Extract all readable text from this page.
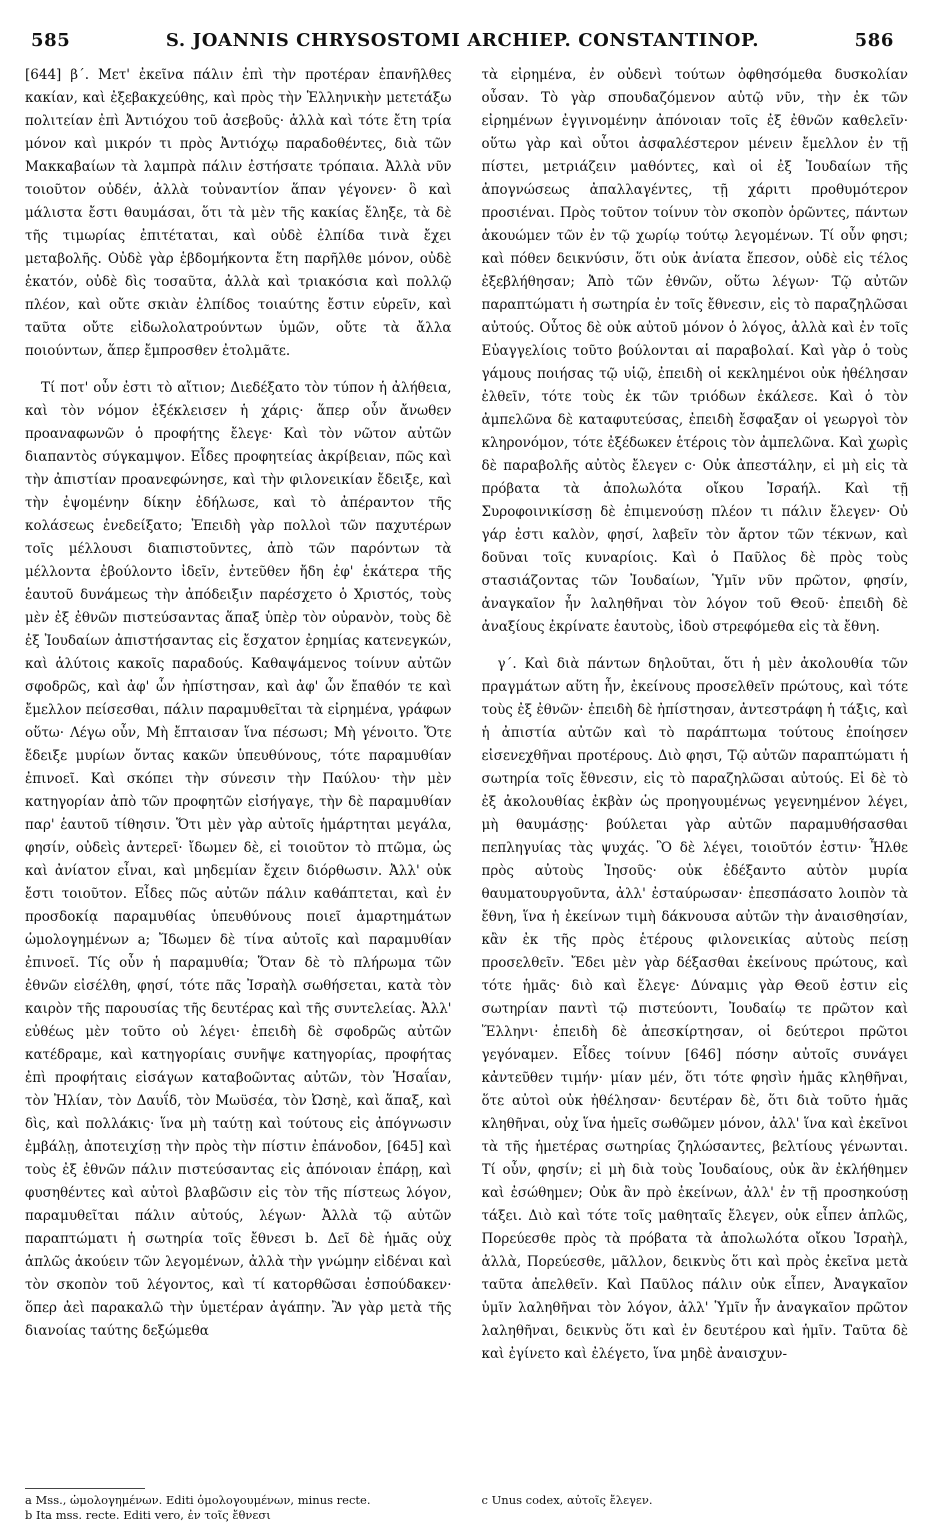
585	S. JOANNIS CHRYSOSTOMI ARCHIEP. CONSTANTINOP.	586

[644] β΄. Μετ' ἐκεῖνα πάλιν ἐπὶ τὴν προτέραν ἐπανῆλθες κακίαν, καὶ ἐξεβακχεύθης, καὶ πρὸς τὴν Ἑλληνικὴν μετετάξω πολιτείαν ἐπὶ Ἀντιόχου τοῦ ἀσεβοῦς· ἀλλὰ καὶ τότε ἔτη τρία μόνον καὶ μικρόν τι πρὸς Ἀντιόχῳ παραδοθέντες, διὰ τῶν Μακκαβαίων τὰ λαμπρὰ πάλιν ἐστήσατε τρόπαια. Ἀλλὰ νῦν τοιοῦτον οὐδέν, ἀλλὰ τοὐναντίον ἅπαν γέγονεν· ὃ καὶ μάλιστα ἔστι θαυμάσαι, ὅτι τὰ μὲν τῆς κακίας ἔληξε, τὰ δὲ τῆς τιμωρίας ἐπιτέταται, καὶ οὐδὲ ἐλπίδα τινὰ ἔχει μεταβολῆς. Οὐδὲ γὰρ ἑβδομήκοντα ἔτη παρῆλθε μόνον, οὐδὲ ἑκατόν, οὐδὲ δὶς τοσαῦτα, ἀλλὰ καὶ τριακόσια καὶ πολλῷ πλέον, καὶ οὔτε σκιὰν ἐλπίδος τοιαύτης ἔστιν εὑρεῖν, καὶ ταῦτα οὔτε εἰδωλολατρούντων ὑμῶν, οὔτε τὰ ἄλλα ποιούντων, ἅπερ ἔμπροσθεν ἐτολμᾶτε.

Τί ποτ' οὖν ἐστι τὸ αἴτιον; Διεδέξατο τὸν τύπον ἡ ἀλήθεια, καὶ τὸν νόμον ἐξέκλεισεν ἡ χάρις· ἅπερ οὖν ἄνωθεν προαναφωνῶν ὁ προφήτης ἔλεγε· Καὶ τὸν νῶτον αὐτῶν διαπαντὸς σύγκαμψον. Εἶδες προφητείας ἀκρίβειαν, πῶς καὶ τὴν ἀπιστίαν προανεφώνησε, καὶ τὴν φιλονεικίαν ἔδειξε, καὶ τὴν ἐψομένην δίκην ἐδήλωσε, καὶ τὸ ἀπέραντον τῆς κολάσεως ἐνεδείξατο; Ἐπειδὴ γὰρ πολλοὶ τῶν παχυτέρων τοῖς μέλλουσι διαπιστοῦντες, ἀπὸ τῶν παρόντων τὰ μέλλοντα ἐβούλοντο ἰδεῖν, ἐντεῦθεν ἤδη ἐφ' ἑκάτερα τῆς ἑαυτοῦ δυνάμεως τὴν ἀπόδειξιν παρέσχετο ὁ Χριστός, τοὺς μὲν ἐξ ἐθνῶν πιστεύσαντας ἅπαξ ὑπὲρ τὸν οὐρανὸν, τοὺς δὲ ἐξ Ἰουδαίων ἀπιστήσαντας εἰς ἔσχατον ἐρημίας κατενεγκών, καὶ ἁλύτοις κακοῖς παραδούς. Καθαψάμενος τοίνυν αὐτῶν σφοδρῶς, καὶ ἀφ' ὧν ἠπίστησαν, καὶ ἀφ' ὧν ἔπαθόν τε καὶ ἔμελλον πείσεσθαι, πάλιν παραμυθεῖται τὰ εἰρημένα, γράφων οὕτω· Λέγω οὖν, Μὴ ἔπταισαν ἵνα πέσωσι; Μὴ γένοιτο. Ὅτε ἔδειξε μυρίων ὄντας κακῶν ὑπευθύνους, τότε παραμυθίαν ἐπινοεῖ. Καὶ σκόπει τὴν σύνεσιν τὴν Παύλου· τὴν μὲν κατηγορίαν ἀπὸ τῶν προφητῶν εἰσήγαγε, τὴν δὲ παραμυθίαν παρ' ἑαυτοῦ τίθησιν. Ὅτι μὲν γὰρ αὐτοῖς ἡμάρτηται μεγάλα, φησίν, οὐδεὶς ἀντερεῖ· ἴδωμεν δὲ, εἰ τοιοῦτον τὸ πτῶμα, ὡς καὶ ἀνίατον εἶναι, καὶ μηδεμίαν ἔχειν διόρθωσιν. Ἀλλ' οὐκ ἔστι τοιοῦτον. Εἶδες πῶς αὐτῶν πάλιν καθάπτεται, καὶ ἐν προσδοκίᾳ παραμυθίας ὑπευθύνους ποιεῖ ἁμαρτημάτων ὡμολογημένων a; Ἴδωμεν δὲ τίνα αὐτοῖς καὶ παραμυθίαν ἐπινοεῖ. Τίς οὖν ἡ παραμυθία; Ὅταν δὲ τὸ πλήρωμα τῶν ἐθνῶν εἰσέλθη, φησί, τότε πᾶς Ἰσραὴλ σωθήσεται, κατὰ τὸν καιρὸν τῆς παρουσίας τῆς δευτέρας καὶ τῆς συντελείας. Ἀλλ' εὐθέως μὲν τοῦτο οὐ λέγει· ἐπειδὴ δὲ σφοδρῶς αὐτῶν κατέδραμε, καὶ κατηγορίαις συνῆψε κατηγορίας, προφήτας ἐπὶ προφήταις εἰσάγων καταβοῶντας αὐτῶν, τὸν Ἡσαΐαν, τὸν Ἠλίαν, τὸν Δαυΐδ, τὸν Μωϋσέα, τὸν Ὠσηὲ, καὶ ἅπαξ, καὶ δὶς, καὶ πολλάκις· ἵνα μὴ ταύτῃ καὶ τούτους εἰς ἀπόγνωσιν ἐμβάλῃ, ἀποτειχίσῃ τὴν πρὸς τὴν πίστιν ἐπάνοδον, [645] καὶ τοὺς ἐξ ἐθνῶν πάλιν πιστεύσαντας εἰς ἀπόνοιαν ἐπάρῃ, καὶ φυσηθέντες καὶ αὐτοὶ βλαβῶσιν εἰς τὸν τῆς πίστεως λόγον, παραμυθεῖται πάλιν αὐτούς, λέγων· Ἀλλὰ τῷ αὐτῶν παραπτώματι ἡ σωτηρία τοῖς ἔθνεσι b. Δεῖ δὲ ἡμᾶς οὐχ ἁπλῶς ἀκούειν τῶν λεγομένων, ἀλλὰ τὴν γνώμην εἰδέναι καὶ τὸν σκοπὸν τοῦ λέγοντος, καὶ τί κατορθῶσαι ἐσπούδακεν· ὅπερ ἀεὶ παρακαλῶ τὴν ὑμετέραν ἀγάπην. Ἂν γὰρ μετὰ τῆς διανοίας ταύτης δεξώμεθα

τὰ εἰρημένα, ἐν οὐδενὶ τούτων ὀφθησόμεθα δυσκολίαν οὖσαν. Τὸ γὰρ σπουδαζόμενον αὐτῷ νῦν, τὴν ἐκ τῶν εἰρημένων ἐγγινομένην ἀπόνοιαν τοῖς ἐξ ἐθνῶν καθελεῖν· οὕτω γὰρ καὶ οὗτοι ἀσφαλέστερον μένειν ἔμελλον ἐν τῇ πίστει, μετριάζειν μαθόντες, καὶ οἱ ἐξ Ἰουδαίων τῆς ἀπογνώσεως ἀπαλλαγέντες, τῇ χάριτι προθυμότερον προσιέναι. Πρὸς τοῦτον τοίνυν τὸν σκοπὸν ὁρῶντες, πάντων ἀκουώμεν τῶν ἐν τῷ χωρίῳ τούτῳ λεγομένων. Τί οὖν φησι; καὶ πόθεν δεικνύσιν, ὅτι οὐκ ἀνίατα ἔπεσον, οὐδὲ εἰς τέλος ἐξεβλήθησαν; Ἀπὸ τῶν ἐθνῶν, οὕτω λέγων· Τῷ αὐτῶν παραπτώματι ἡ σωτηρία ἐν τοῖς ἔθνεσιν, εἰς τὸ παραζηλῶσαι αὐτούς. Οὗτος δὲ οὐκ αὐτοῦ μόνον ὁ λόγος, ἀλλὰ καὶ ἐν τοῖς Εὐαγγελίοις τοῦτο βούλονται αἱ παραβολαί. Καὶ γὰρ ὁ τοὺς γάμους ποιήσας τῷ υἱῷ, ἐπειδὴ οἱ κεκλημένοι οὐκ ἠθέλησαν ἐλθεῖν, τότε τοὺς ἐκ τῶν τριόδων ἐκάλεσε. Καὶ ὁ τὸν ἀμπελῶνα δὲ καταφυτεύσας, ἐπειδὴ ἔσφαξαν οἱ γεωργοὶ τὸν κληρονόμον, τότε ἐξέδωκεν ἑτέροις τὸν ἀμπελῶνα. Καὶ χωρὶς δὲ παραβολῆς αὐτὸς ἔλεγεν c· Οὐκ ἀπεστάλην, εἰ μὴ εἰς τὰ πρόβατα τὰ ἀπολωλότα οἴκου Ἰσραήλ. Καὶ τῇ Συροφοινικίσσῃ δὲ ἐπιμενούσῃ πλέον τι πάλιν ἔλεγεν· Οὐ γάρ ἐστι καλὸν, φησί, λαβεῖν τὸν ἄρτον τῶν τέκνων, καὶ δοῦναι τοῖς κυναρίοις. Καὶ ὁ Παῦλος δὲ πρὸς τοὺς στασιάζοντας τῶν Ἰουδαίων, Ὑμῖν νῦν πρῶτον, φησίν, ἀναγκαῖον ἦν λαληθῆναι τὸν λόγον τοῦ Θεοῦ· ἐπειδὴ δὲ ἀναξίους ἐκρίνατε ἑαυτοὺς, ἰδοὺ στρεφόμεθα εἰς τὰ ἔθνη.

γ΄. Καὶ διὰ πάντων δηλοῦται, ὅτι ἡ μὲν ἀκολουθία τῶν πραγμάτων αὕτη ἦν, ἐκείνους προσελθεῖν πρώτους, καὶ τότε τοὺς ἐξ ἐθνῶν· ἐπειδὴ δὲ ἠπίστησαν, ἀντεστράφη ἡ τάξις, καὶ ἡ ἀπιστία αὐτῶν καὶ τὸ παράπτωμα τούτους ἐποίησεν εἰσενεχθῆναι προτέρους. Διὸ φησι, Τῷ αὐτῶν παραπτώματι ἡ σωτηρία τοῖς ἔθνεσιν, εἰς τὸ παραζηλῶσαι αὐτούς. Εἰ δὲ τὸ ἐξ ἀκολουθίας ἐκβὰν ὡς προηγουμένως γεγενημένον λέγει, μὴ θαυμάσῃς· βούλεται γὰρ αὐτῶν παραμυθήσασθαι πεπληγυίας τὰς ψυχάς. Ὃ δὲ λέγει, τοιοῦτόν ἐστιν· Ἦλθε πρὸς αὐτοὺς Ἰησοῦς· οὐκ ἐδέξαντο αὐτὸν μυρία θαυματουργοῦντα, ἀλλ' ἐσταύρωσαν· ἐπεσπάσατο λοιπὸν τὰ ἔθνη, ἵνα ἡ ἐκείνων τιμὴ δάκνουσα αὐτῶν τὴν ἀναισθησίαν, κἂν ἐκ τῆς πρὸς ἑτέρους φιλονεικίας αὐτοὺς πείσῃ προσελθεῖν. Ἔδει μὲν γὰρ δέξασθαι ἐκείνους πρώτους, καὶ τότε ἡμᾶς· διὸ καὶ ἔλεγε· Δύναμις γὰρ Θεοῦ ἐστιν εἰς σωτηρίαν παντὶ τῷ πιστεύοντι, Ἰουδαίῳ τε πρῶτον καὶ Ἕλληνι· ἐπειδὴ δὲ ἀπεσκίρτησαν, οἱ δεύτεροι πρῶτοι γεγόναμεν. Εἶδες τοίνυν [646] πόσην αὐτοῖς συνάγει κἀντεῦθεν τιμήν· μίαν μέν, ὅτι τότε φησὶν ἡμᾶς κληθῆναι, ὅτε αὐτοὶ οὐκ ἠθέλησαν· δευτέραν δὲ, ὅτι διὰ τοῦτο ἡμᾶς κληθῆναι, οὐχ ἵνα ἡμεῖς σωθῶμεν μόνον, ἀλλ' ἵνα καὶ ἐκεῖνοι τὰ τῆς ἡμετέρας σωτηρίας ζηλώσαντες, βελτίους γένωνται. Τί οὖν, φησίν; εἰ μὴ διὰ τοὺς Ἰουδαίους, οὐκ ἂν ἐκλήθημεν καὶ ἐσώθημεν; Οὐκ ἂν πρὸ ἐκείνων, ἀλλ' ἐν τῇ προσηκούσῃ τάξει. Διὸ καὶ τότε τοῖς μαθηταῖς ἔλεγεν, οὐκ εἶπεν ἁπλῶς, Πορεύεσθε πρὸς τὰ πρόβατα τὰ ἀπολωλότα οἴκου Ἰσραὴλ, ἀλλὰ, Πορεύεσθε, μᾶλλον, δεικνὺς ὅτι καὶ πρὸς ἐκεῖνα μετὰ ταῦτα ἀπελθεῖν. Καὶ Παῦλος πάλιν οὐκ εἶπεν, Ἀναγκαῖον ὑμῖν λαληθῆναι τὸν λόγον, ἀλλ' Ὑμῖν ἦν ἀναγκαῖον πρῶτον λαληθῆναι, δεικνὺς ὅτι καὶ ἐν δευτέρου καὶ ἡμῖν. Ταῦτα δὲ καὶ ἐγίνετο καὶ ἐλέγετο, ἵνα μηδὲ ἀναισχυν-

a Mss., ὡμολογημένων. Editi ὁμολογουμένων, minus recte.
b Ita mss. recte. Editi vero, ἐν τοῖς ἔθνεσι
c Unus codex, αὐτοῖς ἔλεγεν.
